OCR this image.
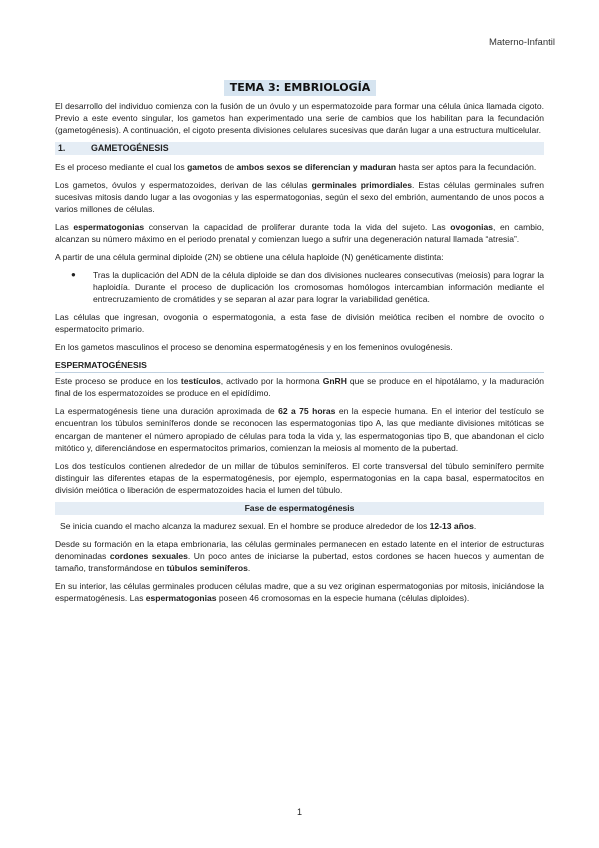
Materno-Infantil
TEMA 3: EMBRIOLOGÍA
El desarrollo del individuo comienza con la fusión de un óvulo y un espermatozoide para formar una célula única llamada cigoto. Previo a este evento singular, los gametos han experimentado una serie de cambios que los habilitan para la fecundación (gametogénesis). A continuación, el cigoto presenta divisiones celulares sucesivas que darán lugar a una estructura multicelular.
1.	GAMETOGÉNESIS
Es el proceso mediante el cual los gametos de ambos sexos se diferencian y maduran hasta ser aptos para la fecundación.
Los gametos, óvulos y espermatozoides, derivan de las células germinales primordiales. Estas células germinales sufren sucesivas mitosis dando lugar a las ovogonias y las espermatogonias, según el sexo del embrión, aumentando de unos pocos a varios millones de células.
Las espermatogonias conservan la capacidad de proliferar durante toda la vida del sujeto. Las ovogonias, en cambio, alcanzan su número máximo en el periodo prenatal y comienzan luego a sufrir una degeneración natural llamada “atresia”.
A partir de una célula germinal diploide (2N) se obtiene una célula haploide (N) genéticamente distinta:
●	Tras la duplicación del ADN de la célula diploide se dan dos divisiones nucleares consecutivas (meiosis) para lograr la haploidía. Durante el proceso de duplicación los cromosomas homólogos intercambian información mediante el entrecruzamiento de cromátides y se separan al azar para lograr la variabilidad genética.
Las células que ingresan, ovogonia o espermatogonia, a esta fase de división meiótica reciben el nombre de ovocito o espermatocito primario.
En los gametos masculinos el proceso se denomina espermatogénesis y en los femeninos ovulogénesis.
ESPERMATOGÉNESIS
Este proceso se produce en los testículos, activado por la hormona GnRH que se produce en el hipotálamo, y la maduración final de los espermatozoides se produce en el epidídimo.
La espermatogénesis tiene una duración aproximada de 62 a 75 horas en la especie humana. En el interior del testículo se encuentran los túbulos seminíferos donde se reconocen las espermatogonias tipo A, las que mediante divisiones mitóticas se encargan de mantener el número apropiado de células para toda la vida y, las espermatogonias tipo B, que abandonan el ciclo mitótico y, diferenciándose en espermatocitos primarios, comienzan la meiosis al momento de la pubertad.
Los dos testículos contienen alrededor de un millar de túbulos seminíferos. El corte transversal del túbulo seminífero permite distinguir las diferentes etapas de la espermatogénesis, por ejemplo, espermatogonias en la capa basal, espermatocitos en división meiótica o liberación de espermatozoides hacia el lumen del túbulo.
Fase de espermatogénesis
Se inicia cuando el macho alcanza la madurez sexual. En el hombre se produce alrededor de los 12-13 años.
Desde su formación en la etapa embrionaria, las células germinales permanecen en estado latente en el interior de estructuras denominadas cordones sexuales. Un poco antes de iniciarse la pubertad, estos cordones se hacen huecos y aumentan de tamaño, transformándose en túbulos seminíferos.
En su interior, las células germinales producen células madre, que a su vez originan espermatogonias por mitosis, iniciándose la espermatogénesis. Las espermatogonias poseen 46 cromosomas en la especie humana (células diploides).
1
